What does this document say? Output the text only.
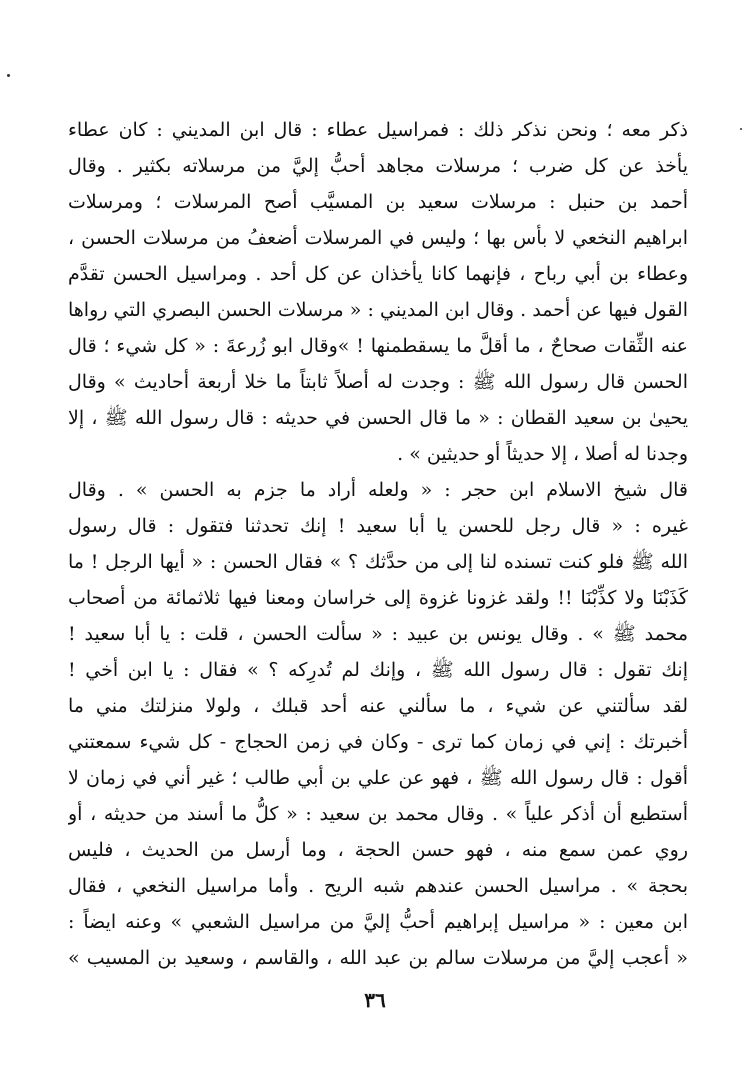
ذكر معه ؛ ونحن نذكر ذلك : فمراسيل عطاء : قال ابن المديني : كان عطاء
يأخذ عن كل ضرب ؛ مرسلات مجاهد أحبُّ إليَّ من مرسلاته بكثير . وقال
أحمد بن حنبل : مرسلات سعيد بن المسيَّب أصح المرسلات ؛ ومرسلات
ابراهيم النخعي لا بأس بها ؛ وليس في المرسلات أضعفُ من مرسلات الحسن ،
وعطاء بن أبي رباح ، فإنهما كانا يأخذان عن كل أحد . ومراسيل الحسن تقدَّم
القول فيها عن أحمد . وقال ابن المديني : « مرسلات الحسن البصري التي رواها
عنه الثِّقات صحاحٌ ، ما أقلَّ ما يسقطمنها ! »وقال ابو زُرعةَ : « كل شيء ؛ قال
الحسن قال رسول الله ﷺ : وجدت له أصلاً ثابتاً ما خلا أربعة أحاديث » وقال
يحيىٰ بن سعيد القطان : « ما قال الحسن في حديثه : قال رسول الله ﷺ ، إلا
وجدنا له أصلا ، إلا حديثاً أو حديثين » .
قال شيخ الاسلام ابن حجر : « ولعله أراد ما جزم به الحسن » . وقال
غيره : « قال رجل للحسن يا أبا سعيد ! إنك تحدثنا فتقول : قال رسول
الله ﷺ فلو كنت تسنده لنا إلى من حدَّثك ؟ » فقال الحسن : « أيها الرجل ! ما
كَذَبْنَا ولا كذِّبْنَا !! ولقد غزونا غزوة إلى خراسان ومعنا فيها ثلاثمائة من أصحاب
محمد ﷺ » . وقال يونس بن عبيد : « سألت الحسن ، قلت : يا أبا سعيد !
إنك تقول : قال رسول الله ﷺ ، وإنك لم تُدرِكه ؟ » فقال : يا ابن أخي !
لقد سألتني عن شيء ، ما سألني عنه أحد قبلك ، ولولا منزلتك مني ما
أخبرتك : إني في زمان كما ترى - وكان في زمن الحجاج - كل شيء سمعتني
أقول : قال رسول الله ﷺ ، فهو عن علي بن أبي طالب ؛ غير أني في زمان لا
أستطيع أن أذكر علياً » . وقال محمد بن سعيد : « كلُّ ما أسند من حديثه ، أو
روي عمن سمع منه ، فهو حسن الحجة ، وما أرسل من الحديث ، فليس
بحجة » . مراسيل الحسن عندهم شبه الريح . وأما مراسيل النخعي ، فقال
ابن معين : « مراسيل إبراهيم أحبُّ إليَّ من مراسيل الشعبي » وعنه ايضاً :
« أعجب إليَّ من مرسلات سالم بن عبد الله ، والقاسم ، وسعيد بن المسيب »
٣٦
